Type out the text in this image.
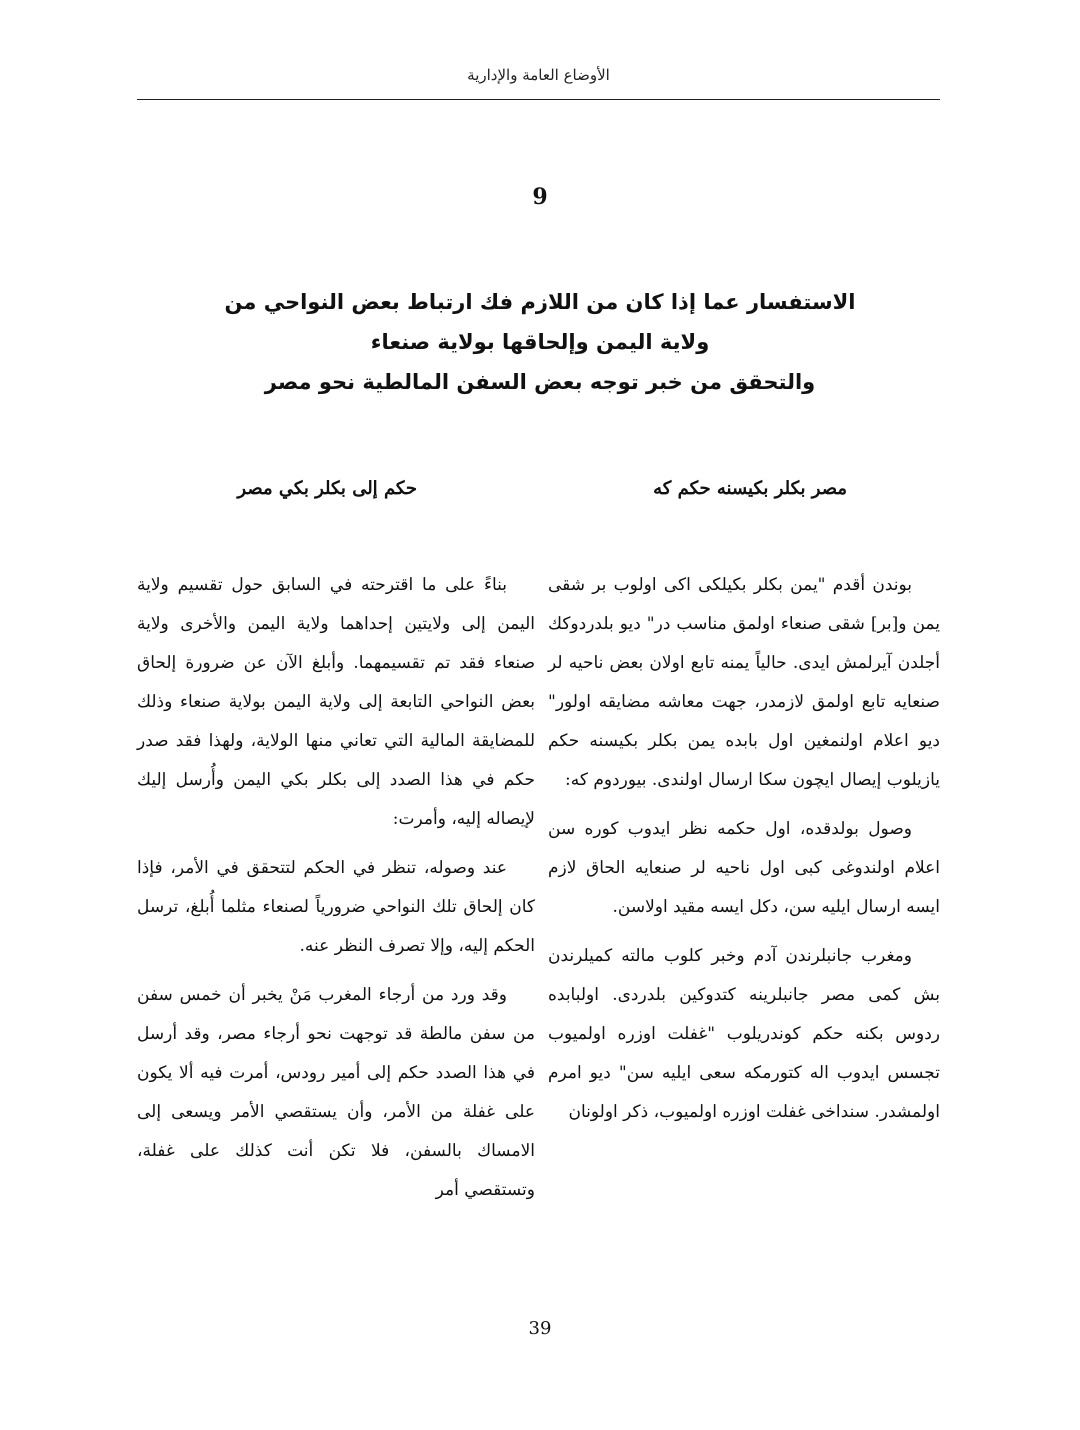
الأوضاع العامة والإدارية
9
الاستفسار عما إذا كان من اللازم فك ارتباط بعض النواحي من
ولاية اليمن وإلحاقها بولاية صنعاء
والتحقق من خبر توجه بعض السفن المالطية نحو مصر
مصر بكلر بكيسنه حكم كه
حكم إلى بكلر بكي مصر

بوندن أقدم "يمن بكلر بكيلكى اكى اولوب بر شقى يمن و[بر] شقى صنعاء اولمق مناسب در" ديو بلدردوكك أجلدن آيرلمش ايدى. حالياً يمنه تابع اولان بعض ناحيه لر صنعايه تابع اولمق لازمدر، جهت معاشه مضايقه اولور" ديو اعلام اولنمغين اول بابده يمن بكلر بكيسنه حكم يازيلوب إيصال ايچون سكا ارسال اولندى. بيوردوم كه:

وصول بولدقده، اول حكمه نظر ايدوب كوره سن اعلام اولندوغى كبى اول ناحيه لر صنعايه الحاق لازم ايسه ارسال ايليه سن، دكل ايسه مقيد اولاسن.

ومغرب جانبلرندن آدم وخبر كلوب مالته كميلرندن بش كمى مصر جانبلرينه كتدوكين بلدردى. اولبابده ردوس بكنه حكم كوندريلوب "غفلت اوزره اولميوب تجسس ايدوب اله كتورمكه سعى ايليه سن" ديو امرم اولمشدر. سنداخى غفلت اوزره اولميوب، ذكر اولونان

بناءً على ما اقترحته في السابق حول تقسيم ولاية اليمن إلى ولايتين إحداهما ولاية اليمن والأخرى ولاية صنعاء فقد تم تقسيمهما. وأبلغ الآن عن ضرورة إلحاق بعض النواحي التابعة إلى ولاية اليمن بولاية صنعاء وذلك للمضايقة المالية التي تعاني منها الولاية، ولهذا فقد صدر حكم في هذا الصدد إلى بكلر بكي اليمن وأُرسل إليك لإيصاله إليه، وأمرت:

عند وصوله، تنظر في الحكم لتتحقق في الأمر، فإذا كان إلحاق تلك النواحي ضرورياً لصنعاء مثلما أُبلغ، ترسل الحكم إليه، وإلا تصرف النظر عنه.

وقد ورد من أرجاء المغرب مَنْ يخبر أن خمس سفن من سفن مالطة قد توجهت نحو أرجاء مصر، وقد أرسل في هذا الصدد حكم إلى أمير رودس، أمرت فيه ألا يكون على غفلة من الأمر، وأن يستقصي الأمر ويسعى إلى الامساك بالسفن، فلا تكن أنت كذلك على غفلة، وتستقصي أمر

39
